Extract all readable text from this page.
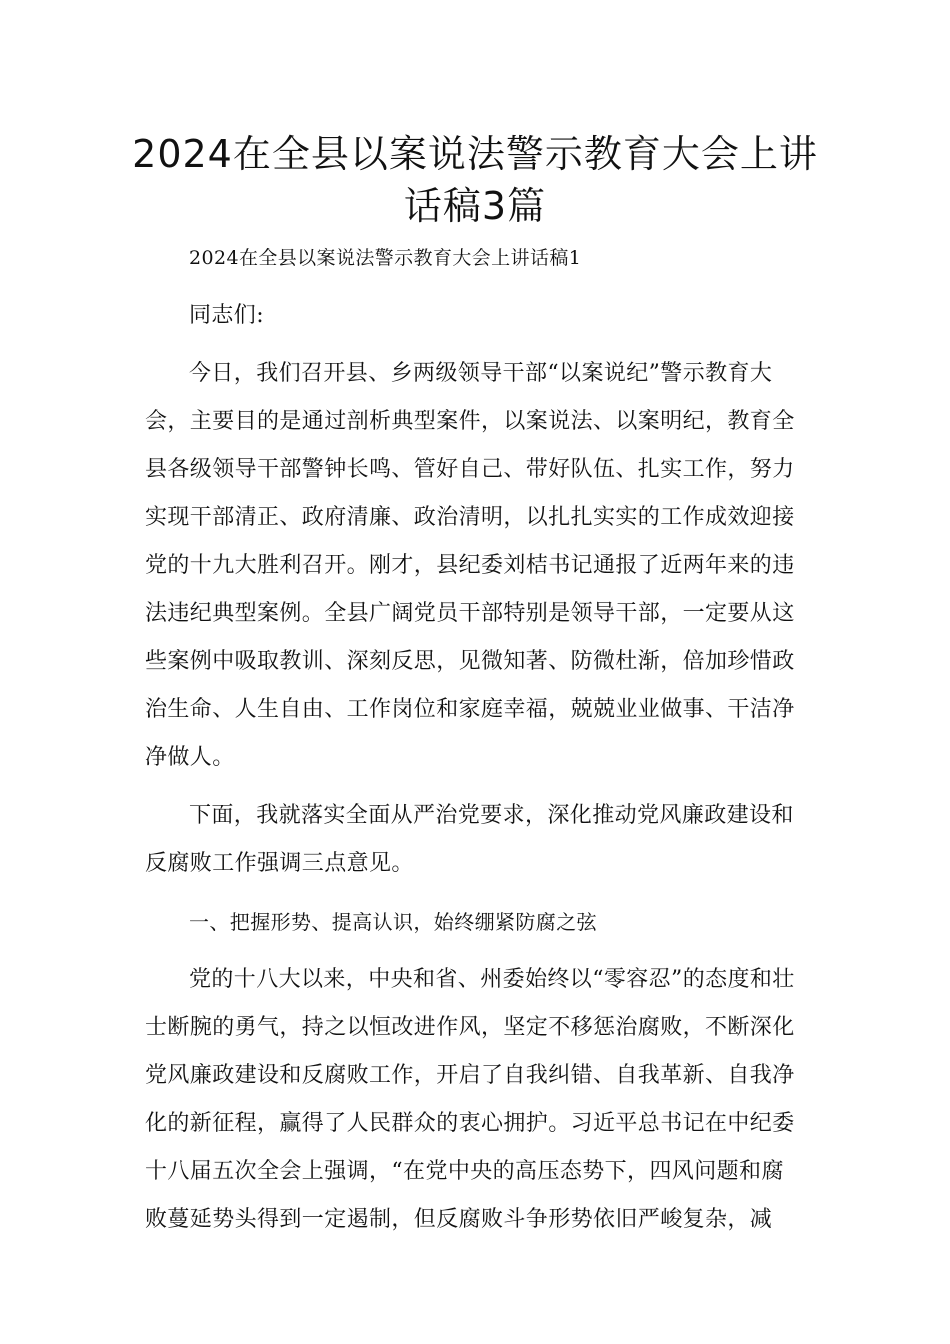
2024在全县以案说法警示教育大会上讲
话稿3篇

2024在全县以案说法警示教育大会上讲话稿1

同志们:

今日，我们召开县、乡两级领导干部“以案说纪”警示教育大会，主要目的是通过剖析典型案件，以案说法、以案明纪，教育全县各级领导干部警钟长鸣、管好自己、带好队伍、扎实工作，努力实现干部清正、政府清廉、政治清明，以扎扎实实的工作成效迎接党的十九大胜利召开。刚才，县纪委刘桔书记通报了近两年来的违法违纪典型案例。全县广阔党员干部特别是领导干部，一定要从这些案例中吸取教训、深刻反思，见微知著、防微杜渐，倍加珍惜政治生命、人生自由、工作岗位和家庭幸福，兢兢业业做事、干洁净净做人。

下面，我就落实全面从严治党要求，深化推动党风廉政建设和反腐败工作强调三点意见。

一、把握形势、提高认识，始终绷紧防腐之弦

党的十八大以来，中央和省、州委始终以“零容忍”的态度和壮士断腕的勇气，持之以恒改进作风，坚定不移惩治腐败，不断深化党风廉政建设和反腐败工作，开启了自我纠错、自我革新、自我净化的新征程，赢得了人民群众的衷心拥护。习近平总书记在中纪委十八届五次全会上强调，“在党中央的高压态势下，四风问题和腐败蔓延势头得到一定遏制，但反腐败斗争形势依旧严峻复杂，减
